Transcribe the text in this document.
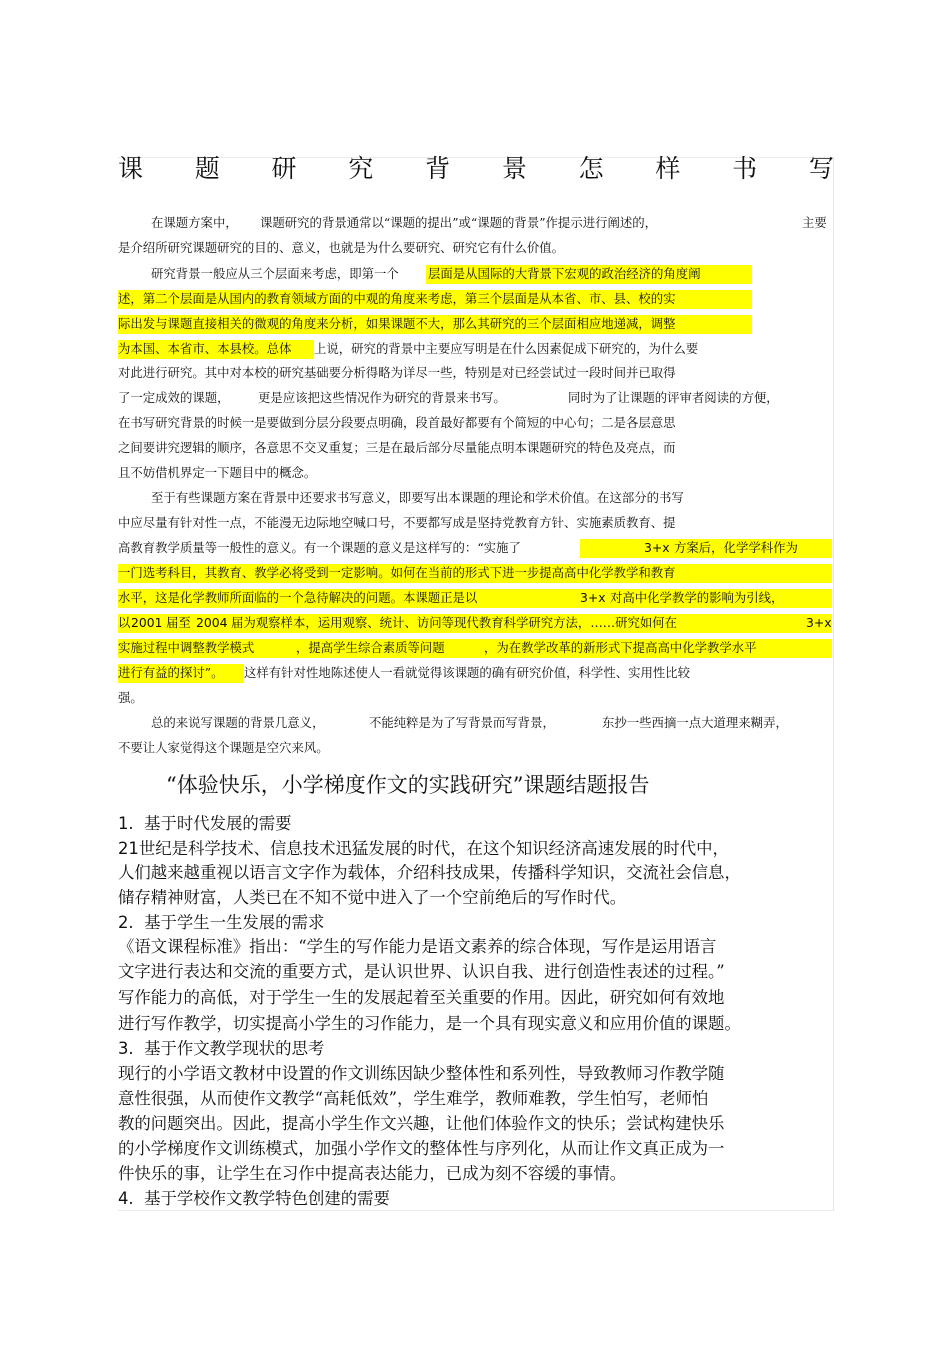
课 题 研 究 背 景 怎 样 书 写
在课题方案中， 课题研究的背景通常以“课题的提出”或“课题的背景”作提示进行阐述的，	主要
是介绍所研究课题研究的目的、意义，也就是为什么要研究、研究它有什么价值。
研究背景一般应从三个层面来考虑，即第一个 层面是从国际的大背景下宏观的政治经济的角度阐
述，第二个层面是从国内的教育领域方面的中观的角度来考虑，第三个层面是从本省、市、县、校的实
际出发与课题直接相关的微观的角度来分析，如果课题不大，那么其研究的三个层面相应地递减，调整
为本国、本省市、本县校。总体 上说，研究的背景中主要应写明是在什么因素促成下研究的，为什么要
对此进行研究。其中对本校的研究基础要分析得略为详尽一些，特别是对已经尝试过一段时间并已取得
了一定成效的课题， 更是应该把这些情况作为研究的背景来书写。	同时为了让课题的评审者阅读的方便，
在书写研究背景的时候一是要做到分层分段要点明确，段首最好都要有个简短的中心句；二是各层意思
之间要讲究逻辑的顺序，各意思不交叉重复；三是在最后部分尽量能点明本课题研究的特色及亮点，而
且不妨借机界定一下题目中的概念。
至于有些课题方案在背景中还要求书写意义，即要写出本课题的理论和学术价值。在这部分的书写
中应尽量有针对性一点，不能漫无边际地空喊口号，不要都写成是坚持党教育方针、实施素质教育、提
高教育教学质量等一般性的意义。有一个课题的意义是这样写的：“实施了	3+x 方案后，化学学科作为
一门选考科目，其教育、教学必将受到一定影响。如何在当前的形式下进一步提高高中化学教学和教育
水平，这是化学教师所面临的一个急待解决的问题。本课题正是以	3+x 对高中化学教学的影响为引线，
以 2001 届至 2004 届为观察样本，运用观察、统计、访问等现代教育科学研究方法，……研究如何在	3+x
实施过程中调整教学模式	，提高学生综合素质等问题	，为在教学改革的新形式下提高高中化学教学水平
进行有益的探讨”。 这样有针对性地陈述使人一看就觉得该课题的确有研究价值，科学性、实用性比较
强。
总的来说写课题的背景几意义，	不能纯粹是为了写背景而写背景，	东抄一些西摘一点大道理来糊弄，
不要让人家觉得这个课题是空穴来风。
“体验快乐，小学梯度作文的实践研究”课题结题报告
1. 基于时代发展的需要
21世纪是科学技术、信息技术迅猛发展的时代，在这个知识经济高速发展的时代中，
人们越来越重视以语言文字作为载体，介绍科技成果，传播科学知识，交流社会信息，
储存精神财富，人类已在不知不觉中进入了一个空前绝后的写作时代。
2. 基于学生一生发展的需求
《语文课程标准》指出：“学生的写作能力是语文素养的综合体现，写作是运用语言
文字进行表达和交流的重要方式，是认识世界、认识自我、进行创造性表述的过程。”
写作能力的高低，对于学生一生的发展起着至关重要的作用。因此，研究如何有效地
进行写作教学，切实提高小学生的习作能力，是一个具有现实意义和应用价值的课题。
3. 基于作文教学现状的思考
现行的小学语文教材中设置的作文训练因缺少整体性和系列性，导致教师习作教学随
意性很强，从而使作文教学“高耗低效”，学生难学，教师难教，学生怕写，老师怕
教的问题突出。因此，提高小学生作文兴趣，让他们体验作文的快乐；尝试构建快乐
的小学梯度作文训练模式，加强小学作文的整体性与序列化，从而让作文真正成为一
件快乐的事，让学生在习作中提高表达能力，已成为刻不容缓的事情。
4. 基于学校作文教学特色创建的需要
